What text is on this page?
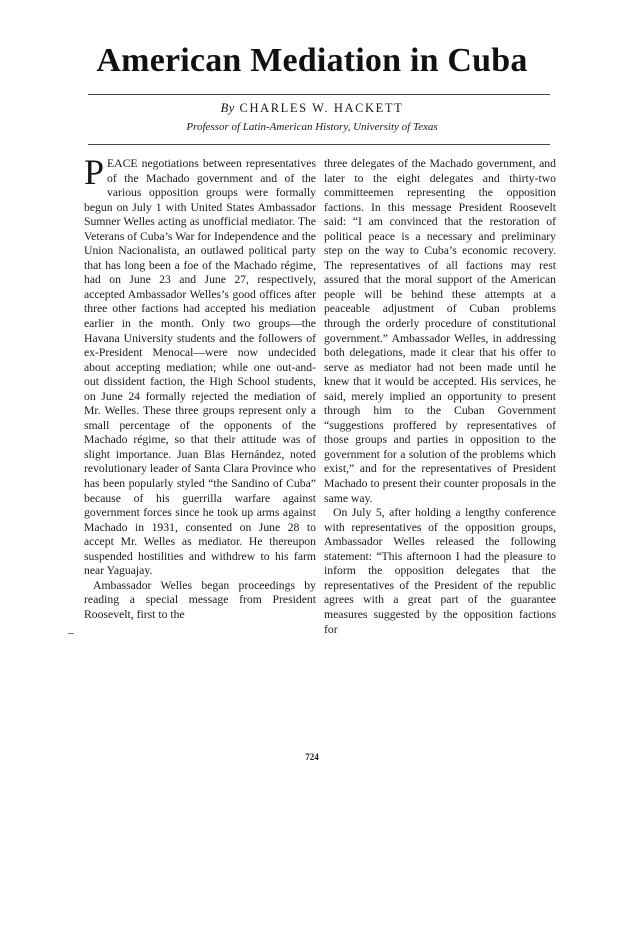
American Mediation in Cuba
By CHARLES W. HACKETT
Professor of Latin-American History, University of Texas

PEACE negotiations between representatives of the Machado government and of the various opposition groups were formally begun on July 1 with United States Ambassador Sumner Welles acting as unofficial mediator. The Veterans of Cuba’s War for Independence and the Union Nacionalista, an outlawed political party that has long been a foe of the Machado régime, had on June 23 and June 27, respectively, accepted Ambassador Welles’s good offices after three other factions had accepted his mediation earlier in the month. Only two groups—the Havana University students and the followers of ex-President Menocal—were now undecided about accepting mediation; while one out-and-out dissident faction, the High School students, on June 24 formally rejected the mediation of Mr. Welles. These three groups represent only a small percentage of the opponents of the Machado régime, so that their attitude was of slight importance. Juan Blas Hernández, noted revolutionary leader of Santa Clara Province who has been popularly styled “the Sandino of Cuba” because of his guerrilla warfare against government forces since he took up arms against Machado in 1931, consented on June 28 to accept Mr. Welles as mediator. He thereupon suspended hostilities and withdrew to his farm near Yaguajay.

Ambassador Welles began proceedings by reading a special message from President Roosevelt, first to the

three delegates of the Machado government, and later to the eight delegates and thirty-two committeemen representing the opposition factions. In this message President Roosevelt said: “I am convinced that the restoration of political peace is a necessary and preliminary step on the way to Cuba’s economic recovery. The representatives of all factions may rest assured that the moral support of the American people will be behind these attempts at a peaceable adjustment of Cuban problems through the orderly procedure of constitutional government.” Ambassador Welles, in addressing both delegations, made it clear that his offer to serve as mediator had not been made until he knew that it would be accepted. His services, he said, merely implied an opportunity to present through him to the Cuban Government “suggestions proffered by representatives of those groups and parties in opposition to the government for a solution of the problems which exist,” and for the representatives of President Machado to present their counter proposals in the same way.

On July 5, after holding a lengthy conference with representatives of the opposition groups, Ambassador Welles released the following statement: “This afternoon I had the pleasure to inform the opposition delegates that the representatives of the President of the republic agrees with a great part of the guarantee measures suggested by the opposition factions for

724
